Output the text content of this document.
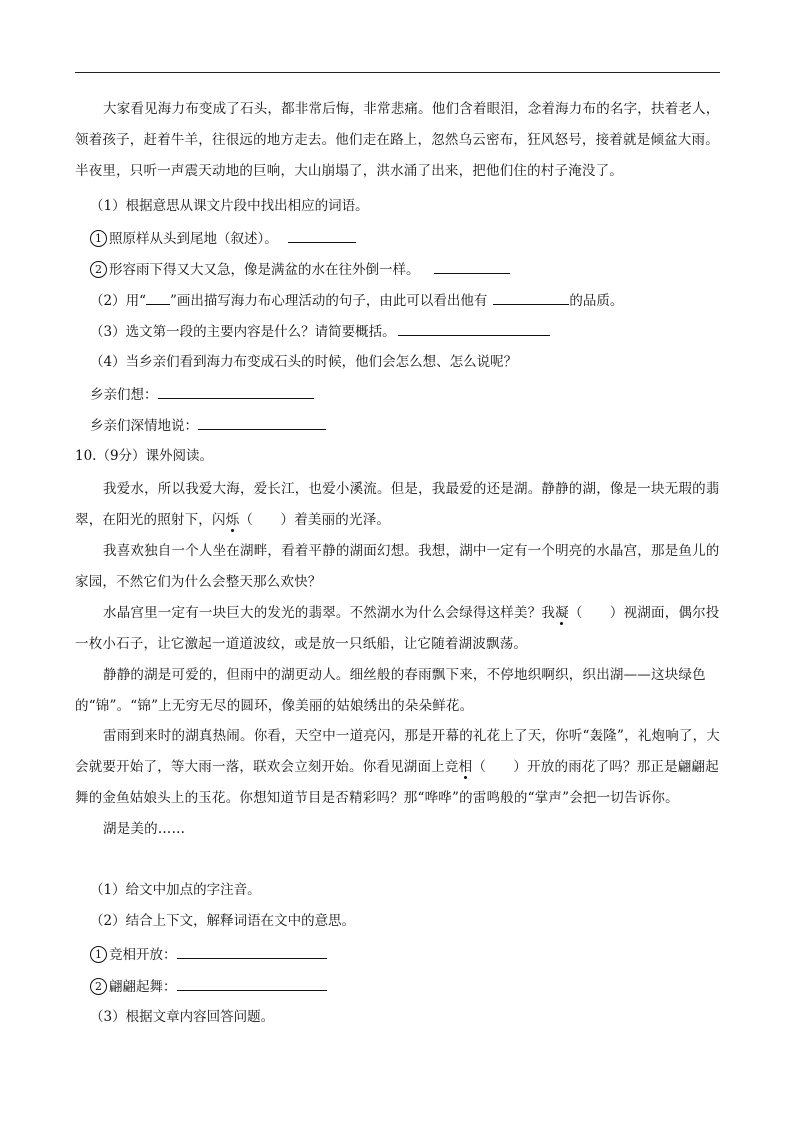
大家看见海力布变成了石头，都非常后悔，非常悲痛。他们含着眼泪，念着海力布的名字，扶着老人，领着孩子，赶着牛羊，往很远的地方走去。他们走在路上，忽然乌云密布，狂风怒号，接着就是倾盆大雨。半夜里，只听一声震天动地的巨响，大山崩塌了，洪水涌了出来，把他们住的村子淹没了。

（1）根据意思从课文片段中找出相应的词语。
1 照原样从头到尾地（叙述）。
2 形容雨下得又大又急，像是满盆的水在往外倒一样。
（2）用“ ”画出描写海力布心理活动的句子，由此可以看出他有	的品质。
（3）选文第一段的主要内容是什么？请简要概括。
（4）当乡亲们看到海力布变成石头的时候，他们会怎么想、怎么说呢？
乡亲们想：
乡亲们深情地说：
10.（9分）课外阅读。

我爱水，所以我爱大海，爱长江，也爱小溪流。但是，我最爱的还是湖。静静的湖，像是一块无瑕的翡翠，在阳光的照射下，闪烁（　　）着美丽的光泽。

我喜欢独自一个人坐在湖畔，看着平静的湖面幻想。我想，湖中一定有一个明亮的水晶宫，那是鱼儿的家园，不然它们为什么会整天那么欢快？

水晶宫里一定有一块巨大的发光的翡翠。不然湖水为什么会绿得这样美？我凝（　　）视湖面，偶尔投一枚小石子，让它激起一道道波纹，或是放一只纸船，让它随着湖波飘荡。

静静的湖是可爱的，但雨中的湖更动人。细丝般的春雨飘下来，不停地织啊织，织出湖——这块绿色的“锦”。“锦”上无穷无尽的圆环，像美丽的姑娘绣出的朵朵鲜花。

雷雨到来时的湖真热闹。你看，天空中一道亮闪，那是开幕的礼花上了天，你听“轰隆”，礼炮响了，大会就要开始了，等大雨一落，联欢会立刻开始。你看见湖面上竞相（　　）开放的雨花了吗？那正是翩翩起舞的金鱼姑娘头上的玉花。你想知道节目是否精彩吗？那“哗哗”的雷鸣般的“掌声”会把一切告诉你。

湖是美的……

（1）给文中加点的字注音。
（2）结合上下文，解释词语在文中的意思。
1 竞相开放：
2 翩翩起舞：
（3）根据文章内容回答问题。
